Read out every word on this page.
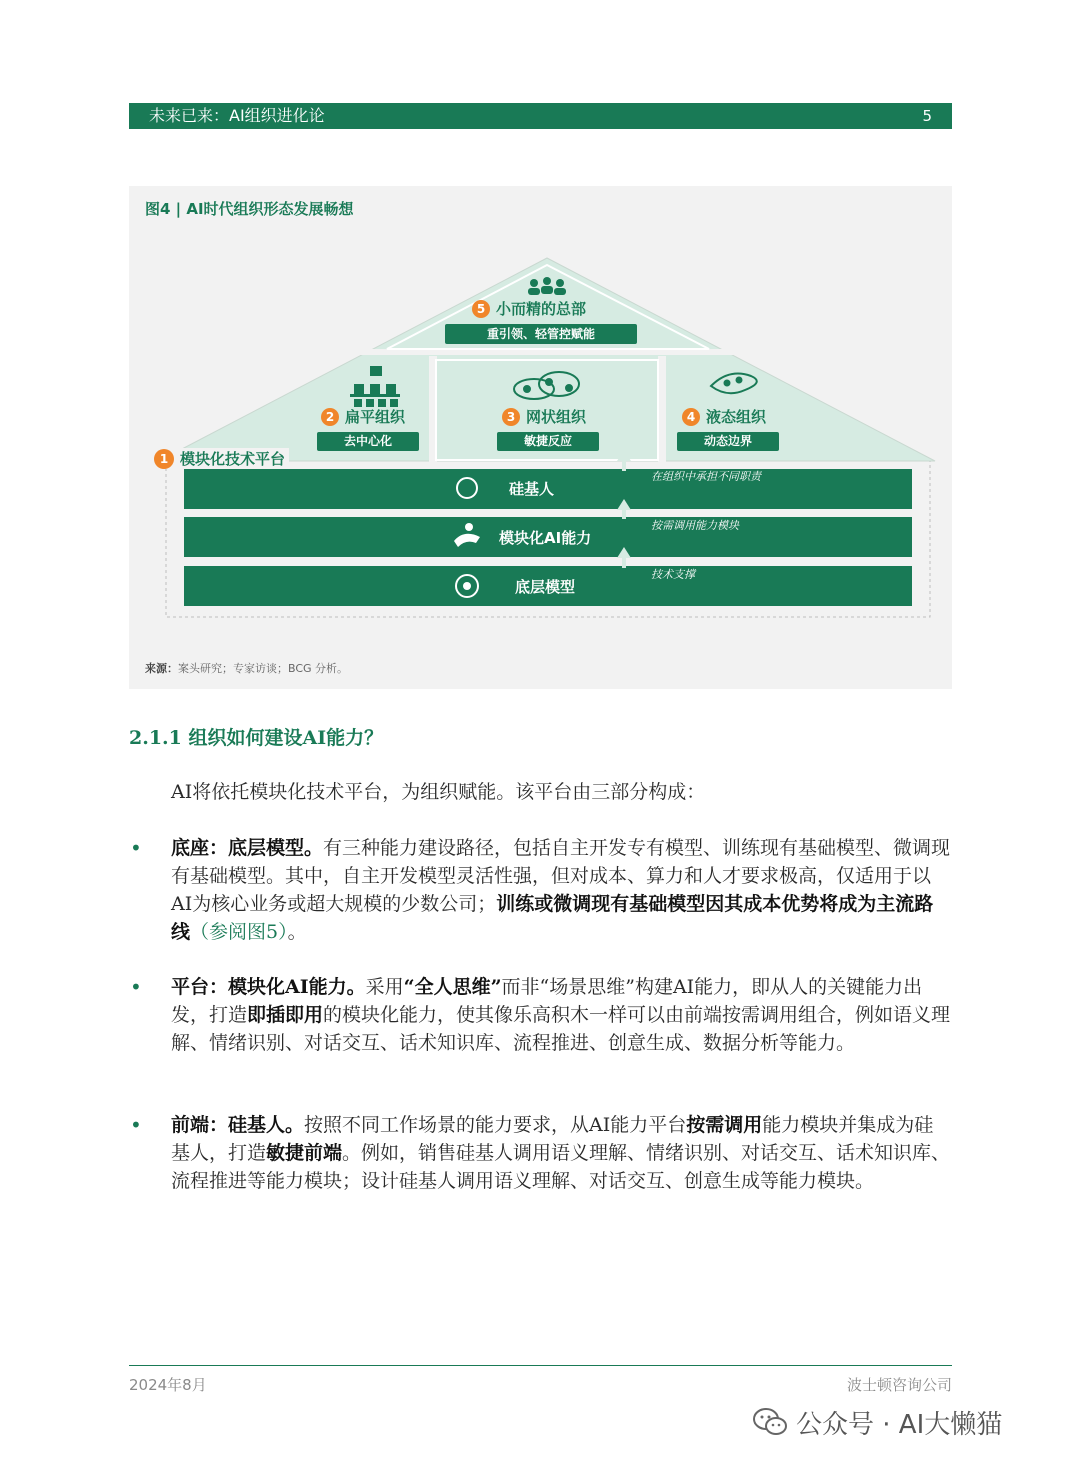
未来已来：AI组织进化论	5
图4 | AI时代组织形态发展畅想
5 小而精的总部
重引领、轻管控赋能
2 扁平组织
去中心化
3 网状组织
敏捷反应
4 液态组织
动态边界
1 模块化技术平台
硅基人
在组织中承担不同职责
模块化AI能力
按需调用能力模块
底层模型
技术支撑
来源：案头研究；专家访谈；BCG 分析。
2.1.1 组织如何建设AI能力？
AI将依托模块化技术平台，为组织赋能。该平台由三部分构成：
• 底座：底层模型。有三种能力建设路径，包括自主开发专有模型、训练现有基础模型、微调现有基础模型。其中，自主开发模型灵活性强，但对成本、算力和人才要求极高，仅适用于以AI为核心业务或超大规模的少数公司；训练或微调现有基础模型因其成本优势将成为主流路线（参阅图5）。
• 平台：模块化AI能力。采用“全人思维”而非“场景思维”构建AI能力，即从人的关键能力出发，打造即插即用的模块化能力，使其像乐高积木一样可以由前端按需调用组合，例如语义理解、情绪识别、对话交互、话术知识库、流程推进、创意生成、数据分析等能力。
• 前端：硅基人。按照不同工作场景的能力要求，从AI能力平台按需调用能力模块并集成为硅基人，打造敏捷前端。例如，销售硅基人调用语义理解、情绪识别、对话交互、话术知识库、流程推进等能力模块；设计硅基人调用语义理解、对话交互、创意生成等能力模块。
2024年8月	波士顿咨询公司
公众号 · AI大懒猫
